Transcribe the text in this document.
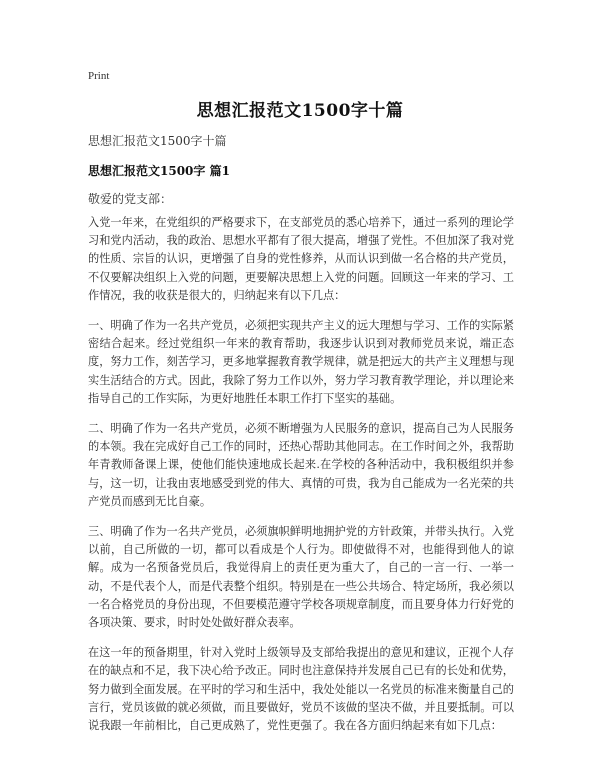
Print
思想汇报范文1500字十篇
思想汇报范文1500字十篇
思想汇报范文1500字 篇1
敬爱的党支部：

入党一年来，在党组织的严格要求下，在支部党员的悉心培养下，通过一系列的理论学习和党内活动，我的政治、思想水平都有了很大提高，增强了党性。不但加深了我对党的性质、宗旨的认识，更增强了自身的党性修养，从而认识到做一名合格的共产党员，不仅要解决组织上入党的问题，更要解决思想上入党的问题。回顾这一年来的学习、工作情况，我的收获是很大的，归纳起来有以下几点：

一、明确了作为一名共产党员，必须把实现共产主义的远大理想与学习、工作的实际紧密结合起来。经过党组织一年来的教育帮助，我逐步认识到对教师党员来说，端正态度，努力工作，刻苦学习，更多地掌握教育教学规律，就是把远大的共产主义理想与现实生活结合的方式。因此，我除了努力工作以外，努力学习教育教学理论，并以理论来指导自己的工作实际，为更好地胜任本职工作打下坚实的基础。

二、明确了作为一名共产党员，必须不断增强为人民服务的意识，提高自己为人民服务的本领。我在完成好自己工作的同时，还热心帮助其他同志。在工作时间之外，我帮助年青教师备课上课，使他们能快速地成长起来.在学校的各种活动中，我积极组织并参与，这一切，让我由衷地感受到党的伟大、真情的可贵，我为自己能成为一名光荣的共产党员而感到无比自豪。

三、明确了作为一名共产党员，必须旗帜鲜明地拥护党的方针政策，并带头执行。入党以前，自己所做的一切，都可以看成是个人行为。即使做得不对，也能得到他人的谅解。成为一名预备党员后，我觉得肩上的责任更为重大了，自己的一言一行、一举一动，不是代表个人，而是代表整个组织。特别是在一些公共场合、特定场所，我必须以一名合格党员的身份出现，不但要模范遵守学校各项规章制度，而且要身体力行好党的各项决策、要求，时时处处做好群众表率。

在这一年的预备期里，针对入党时上级领导及支部给我提出的意见和建议，正视个人存在的缺点和不足，我下决心给予改正。同时也注意保持并发展自己已有的长处和优势，努力做到全面发展。在平时的学习和生活中，我处处能以一名党员的标准来衡量自己的言行，党员该做的就必须做，而且要做好，党员不该做的坚决不做，并且要抵制。可以说我跟一年前相比，自己更成熟了，党性更强了。我在各方面归纳起来有如下几点：
